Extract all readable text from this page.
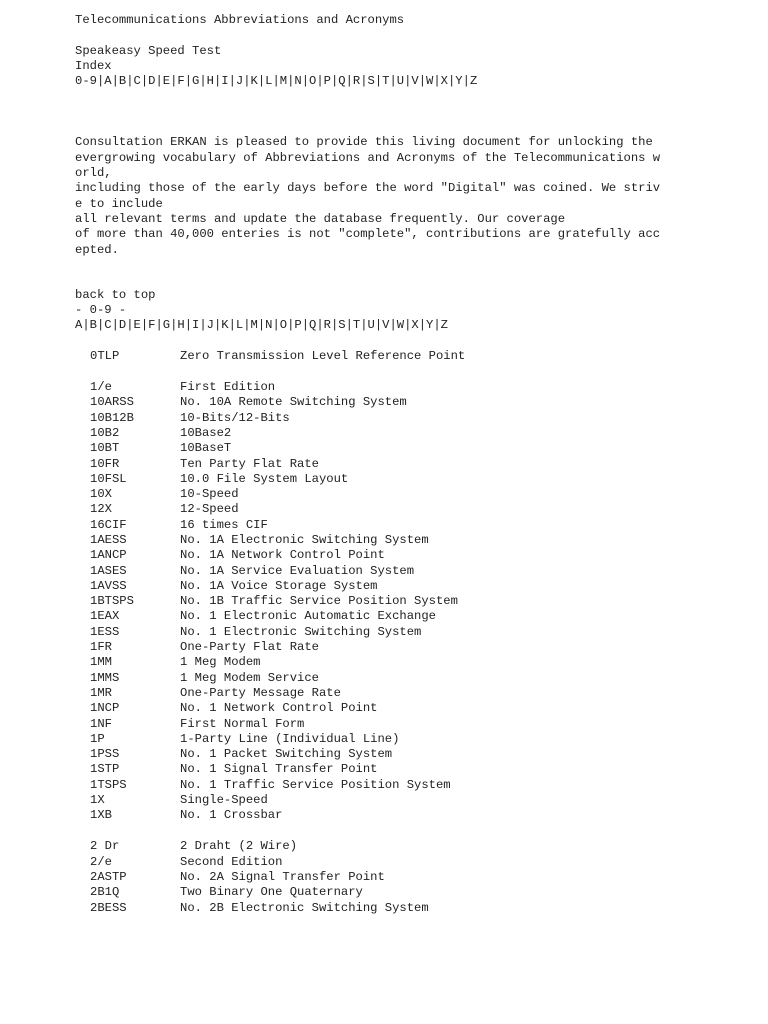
Telecommunications Abbreviations and Acronyms
Speakeasy Speed Test
Index
0-9|A|B|C|D|E|F|G|H|I|J|K|L|M|N|O|P|Q|R|S|T|U|V|W|X|Y|Z
Consultation ERKAN is pleased to provide this living document for unlocking the
evergrowing vocabulary of Abbreviations and Acronyms of the Telecommunications w
orld,
including those of the early days before the word "Digital" was coined. We striv
e to include
all relevant terms and update the database frequently. Our coverage
of more than 40,000 enteries is not "complete", contributions are gratefully acc
epted.
back to top
- 0-9 -
A|B|C|D|E|F|G|H|I|J|K|L|M|N|O|P|Q|R|S|T|U|V|W|X|Y|Z
0TLP	Zero Transmission Level Reference Point
1/e	First Edition
10ARSS	No. 10A Remote Switching System
10B12B	10-Bits/12-Bits
10B2	10Base2
10BT	10BaseT
10FR	Ten Party Flat Rate
10FSL	10.0 File System Layout
10X	10-Speed
12X	12-Speed
16CIF	16 times CIF
1AESS	No. 1A Electronic Switching System
1ANCP	No. 1A Network Control Point
1ASES	No. 1A Service Evaluation System
1AVSS	No. 1A Voice Storage System
1BTSPS	No. 1B Traffic Service Position System
1EAX	No. 1 Electronic Automatic Exchange
1ESS	No. 1 Electronic Switching System
1FR	One-Party Flat Rate
1MM	1 Meg Modem
1MMS	1 Meg Modem Service
1MR	One-Party Message Rate
1NCP	No. 1 Network Control Point
1NF	First Normal Form
1P	1-Party Line (Individual Line)
1PSS	No. 1 Packet Switching System
1STP	No. 1 Signal Transfer Point
1TSPS	No. 1 Traffic Service Position System
1X	Single-Speed
1XB	No. 1 Crossbar
2 Dr	2 Draht (2 Wire)
2/e	Second Edition
2ASTP	No. 2A Signal Transfer Point
2B1Q	Two Binary One Quaternary
2BESS	No. 2B Electronic Switching System
